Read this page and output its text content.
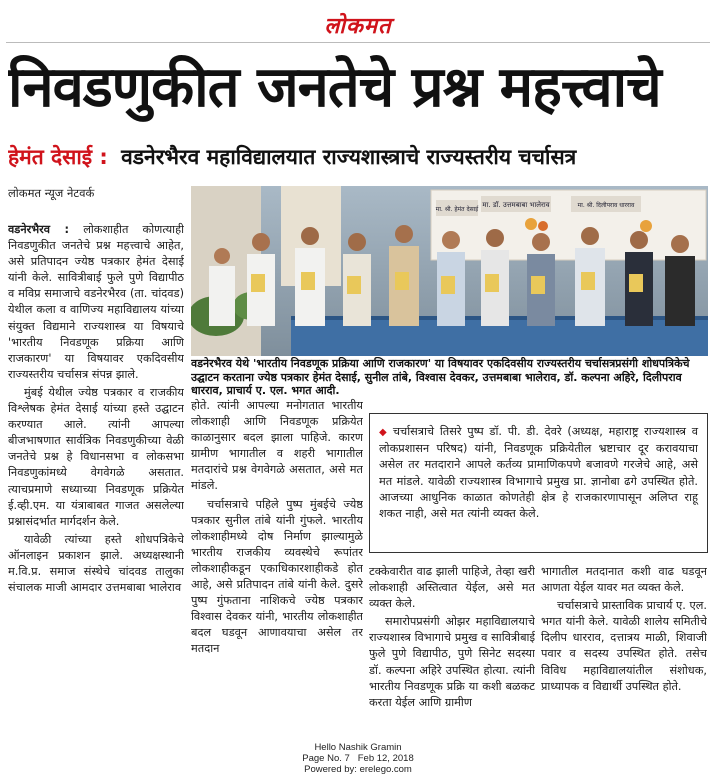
लोकमत
निवडणुकीत जनतेचे प्रश्न महत्त्वाचे
हेमंत देसाई : वडनेरभैरव महाविद्यालयात राज्यशास्त्राचे राज्यस्तरीय चर्चासत्र
लोकमत न्यूज नेटवर्क

वडनेरभैरव : लोकशाहीत कोणत्याही निवडणुकीत जनतेचे प्रश्न महत्त्वाचे आहेत, असे प्रतिपादन ज्येष्ठ पत्रकार हेमंत देसाई यांनी केले. सावित्रीबाई फुले पुणे विद्यापीठ व मविप्र समाजाचे वडनेरभैरव (ता. चांदवड) येथील कला व वाणिज्य महाविद्यालय यांच्या संयुक्त विद्यमाने राज्यशास्त्र या विषयाचे 'भारतीय निवडणूक प्रक्रिया आणि राजकारण' या विषयावर एकदिवसीय राज्यस्तरीय चर्चासत्र संपन्न झाले.

मुंबई येथील ज्येष्ठ पत्रकार व राजकीय विश्लेषक हेमंत देसाई यांच्या हस्ते उद्घाटन करण्यात आले. त्यांनी आपल्या बीजभाषणात सार्वत्रिक निवडणुकीच्या वेळी जनतेचे प्रश्न हे विधानसभा व लोकसभा निवडणुकांमध्ये वेगवेगळे असतात. त्याचप्रमाणे सध्याच्या निवडणूक प्रक्रियेत ई.व्ही.एम. या यंत्राबाबत गाजत असलेल्या प्रश्नासंदर्भात मार्गदर्शन केले.

यावेळी त्यांच्या हस्ते शोधपत्रिकेचे ऑनलाइन प्रकाशन झाले. अध्यक्षस्थानी म.वि.प्र. समाज संस्थेचे चांदवड तालुका संचालक माजी आमदार उत्तमबाबा भालेराव

मा. डॉ. उत्तमबाबा भालेराव
मा. श्री. हेमंत देसाई
मा. श्री. दिलीपराव धारराव
वडनेरभैरव येथे 'भारतीय निवडणूक प्रक्रिया आणि राजकारण' या विषयावर एकदिवसीय राज्यस्तरीय चर्चासत्रप्रसंगी शोधपत्रिकेचे उद्घाटन करताना ज्येष्ठ पत्रकार हेमंत देसाई, सुनील तांबे, विश्वास देवकर, उत्तमबाबा भालेराव, डॉ. कल्पना अहिरे, दिलीपराव धारराव, प्राचार्य ए. एल. भगत आदी.

होते. त्यांनी आपल्या मनोगतात भारतीय लोकशाही आणि निवडणूक प्रक्रियेत काळानुसार बदल झाला पाहिजे. कारण ग्रामीण भागातील व शहरी भागातील मतदारांचे प्रश्न वेगवेगळे असतात, असे मत मांडले.

चर्चासत्राचे पहिले पुष्प मुंबईचे ज्येष्ठ पत्रकार सुनील तांबे यांनी गुंफले. भारतीय लोकशाहीमध्ये दोष निर्माण झाल्यामुळे भारतीय राजकीय व्यवस्थेचे रूपांतर लोकशाहीकडून एकाधिकारशाहीकडे होत आहे, असे प्रतिपादन तांबे यांनी केले. दुसरे पुष्प गुंफताना नाशिकचे ज्येष्ठ पत्रकार विश्वास देवकर यांनी, भारतीय लोकशाहीत बदल घडवून आणावयाचा असेल तर मतदान

◆ चर्चासत्राचे तिसरे पुष्प डॉ. पी. डी. देवरे (अध्यक्ष, महाराष्ट्र राज्यशास्त्र व लोकप्रशासन परिषद) यांनी, निवडणूक प्रक्रियेतील भ्रष्टाचार दूर करावयाचा असेल तर मतदाराने आपले कर्तव्य प्रामाणिकपणे बजावणे गरजेचे आहे, असे मत मांडले. यावेळी राज्यशास्त्र विभागाचे प्रमुख प्रा. ज्ञानोबा ढगे उपस्थित होते. आजच्या आधुनिक काळात कोणतेही क्षेत्र हे राजकारणापासून अलिप्त राहू शकत नाही, असे मत त्यांनी व्यक्त केले.

टक्केवारीत वाढ झाली पाहिजे, तेव्हा खरी लोकशाही अस्तित्वात येईल, असे मत व्यक्त केले.

समारोपप्रसंगी ओझर महाविद्यालयाचे राज्यशास्त्र विभागाचे प्रमुख व सावित्रीबाई फुले पुणे विद्यापीठ, पुणे सिनेट सदस्या डॉ. कल्पना अहिरे उपस्थित होत्या. त्यांनी भारतीय निवडणूक प्रक्रि या कशी बळकट करता येईल आणि ग्रामीण

भागातील मतदानात कशी वाढ घडवून आणता येईल यावर मत व्यक्त केले.

चर्चासत्राचे प्रास्ताविक प्राचार्य ए. एल. भगत यांनी केले. यावेळी शालेय समितीचे दिलीप धारराव, दत्तात्रय माळी, शिवाजी पवार व सदस्य उपस्थित होते. तसेच विविध महाविद्यालयांतील संशोधक, प्राध्यापक व विद्यार्थी उपस्थित होते.

Hello Nashik Gramin
Page No. 7 Feb 12, 2018
Powered by: erelego.com
